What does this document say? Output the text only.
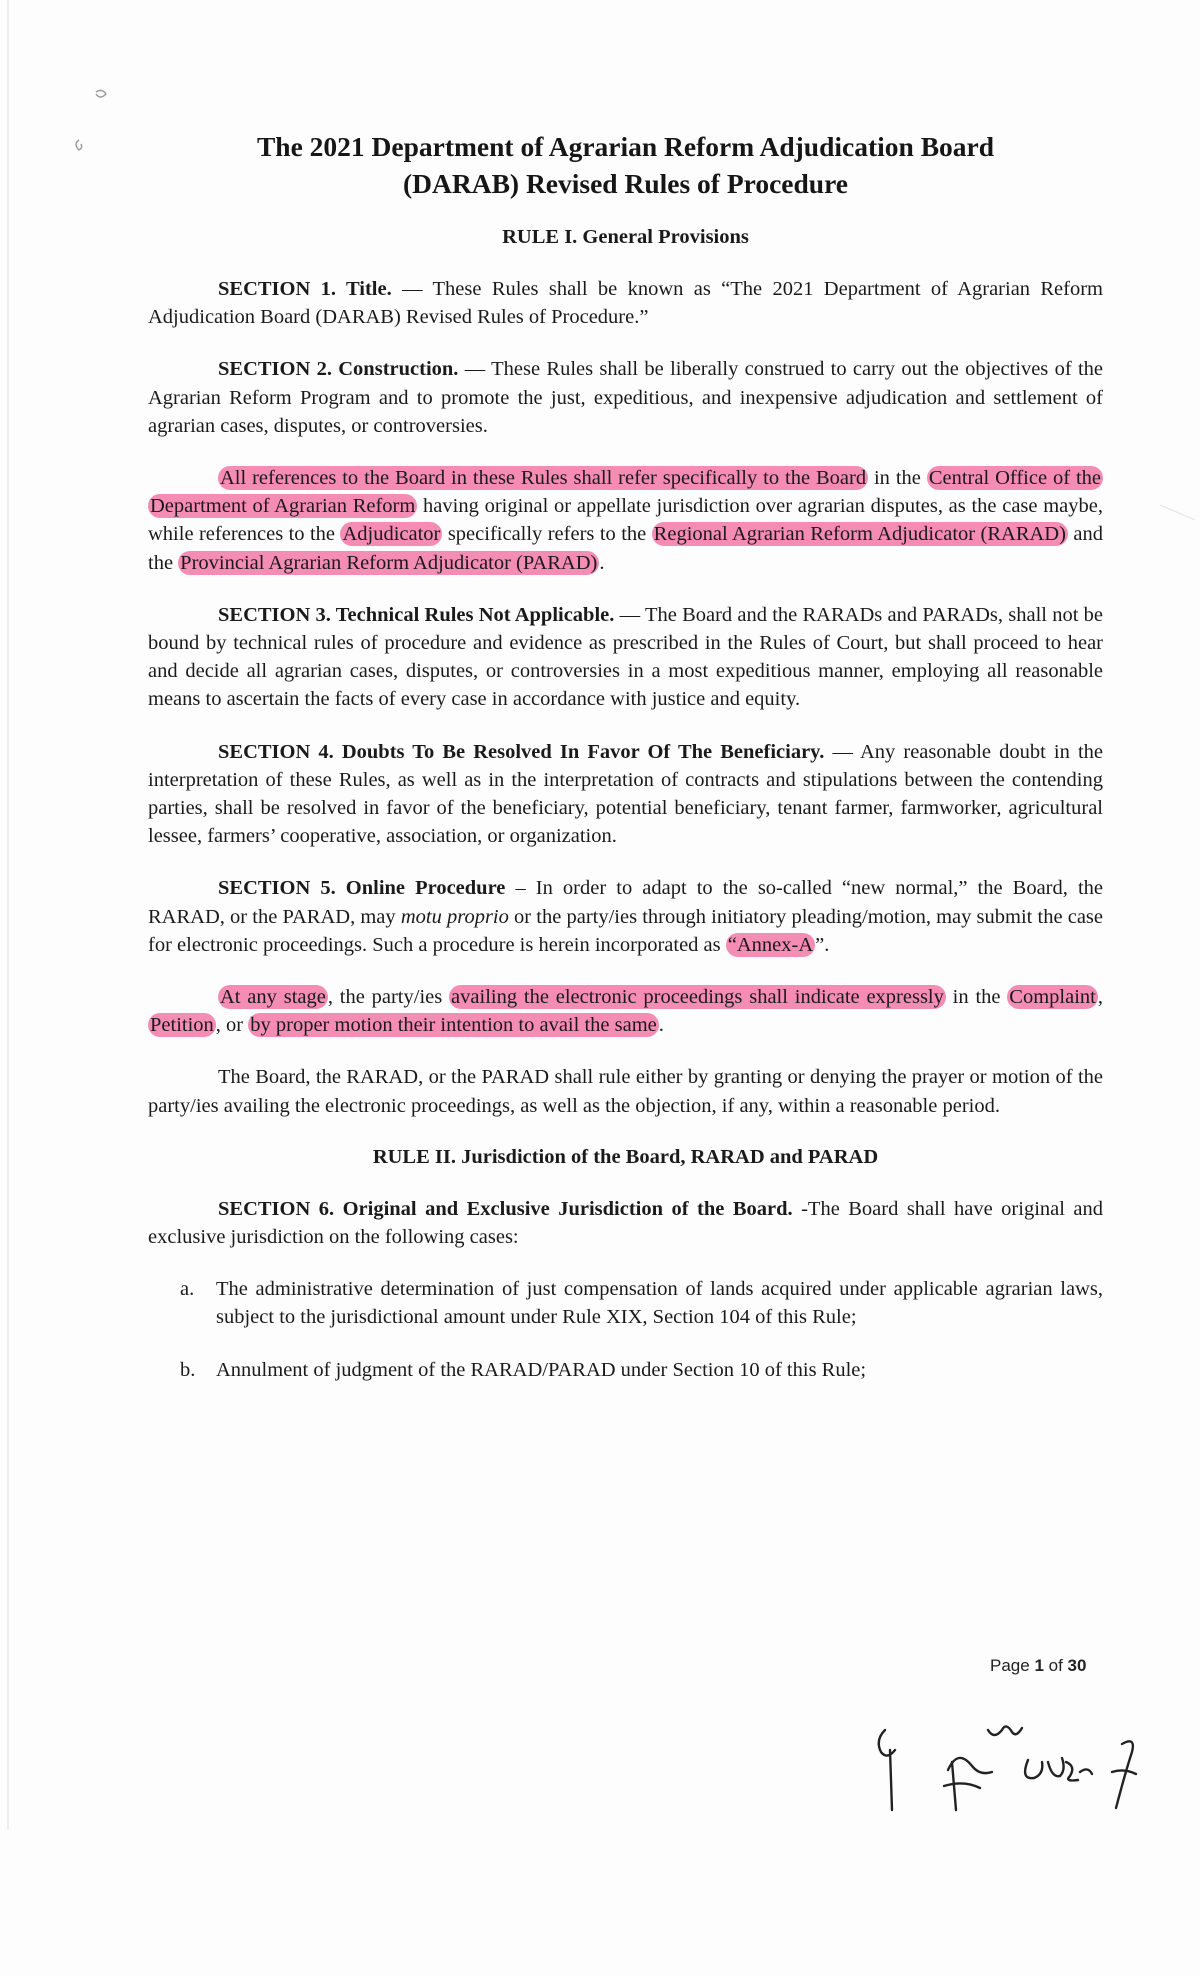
The 2021 Department of Agrarian Reform Adjudication Board
(DARAB) Revised Rules of Procedure
RULE I. General Provisions

SECTION 1. Title. — These Rules shall be known as “The 2021 Department of Agrarian Reform Adjudication Board (DARAB) Revised Rules of Procedure.”

SECTION 2. Construction. — These Rules shall be liberally construed to carry out the objectives of the Agrarian Reform Program and to promote the just, expeditious, and inexpensive adjudication and settlement of agrarian cases, disputes, or controversies.

All references to the Board in these Rules shall refer specifically to the Board in the Central Office of the Department of Agrarian Reform having original or appellate jurisdiction over agrarian disputes, as the case maybe, while references to the Adjudicator specifically refers to the Regional Agrarian Reform Adjudicator (RARAD) and the Provincial Agrarian Reform Adjudicator (PARAD).

SECTION 3. Technical Rules Not Applicable. — The Board and the RARADs and PARADs, shall not be bound by technical rules of procedure and evidence as prescribed in the Rules of Court, but shall proceed to hear and decide all agrarian cases, disputes, or controversies in a most expeditious manner, employing all reasonable means to ascertain the facts of every case in accordance with justice and equity.

SECTION 4. Doubts To Be Resolved In Favor Of The Beneficiary. — Any reasonable doubt in the interpretation of these Rules, as well as in the interpretation of contracts and stipulations between the contending parties, shall be resolved in favor of the beneficiary, potential beneficiary, tenant farmer, farmworker, agricultural lessee, farmers’ cooperative, association, or organization.

SECTION 5. Online Procedure – In order to adapt to the so-called “new normal,” the Board, the RARAD, or the PARAD, may motu proprio or the party/ies through initiatory pleading/motion, may submit the case for electronic proceedings. Such a procedure is herein incorporated as “Annex-A”.

At any stage, the party/ies availing the electronic proceedings shall indicate expressly in the Complaint, Petition, or by proper motion their intention to avail the same.

The Board, the RARAD, or the PARAD shall rule either by granting or denying the prayer or motion of the party/ies availing the electronic proceedings, as well as the objection, if any, within a reasonable period.

RULE II. Jurisdiction of the Board, RARAD and PARAD

SECTION 6. Original and Exclusive Jurisdiction of the Board. -The Board shall have original and exclusive jurisdiction on the following cases:

a. The administrative determination of just compensation of lands acquired under applicable agrarian laws, subject to the jurisdictional amount under Rule XIX, Section 104 of this Rule;
b. Annulment of judgment of the RARAD/PARAD under Section 10 of this Rule;
Page 1 of 30
